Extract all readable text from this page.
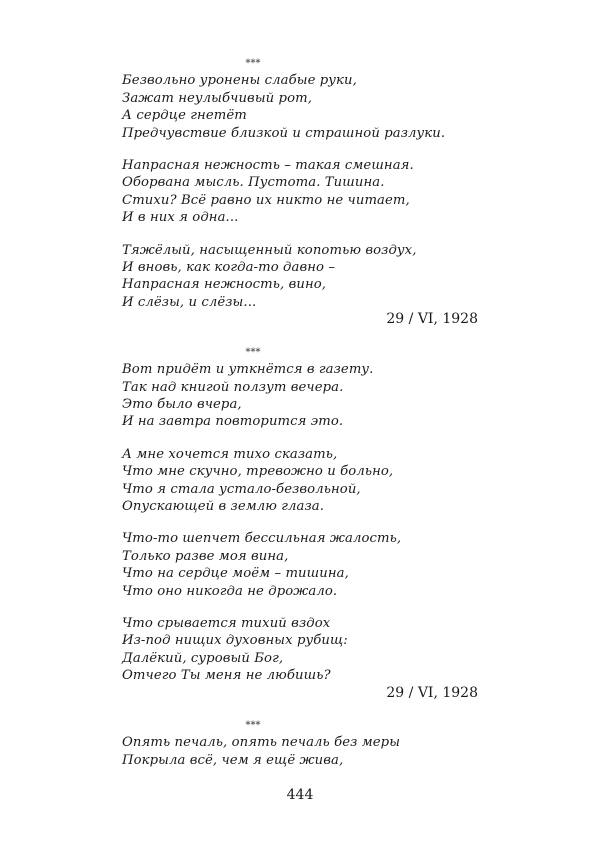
***
Безвольно уронены слабые руки,
Зажат неулыбчивый рот,
А сердце гнетёт
Предчувствие близкой и страшной разлуки.
Напрасная нежность – такая смешная.
Оборвана мысль. Пустота. Тишина.
Стихи? Всё равно их никто не читает,
И в них я одна...
Тяжёлый, насыщенный копотью воздух,
И вновь, как когда-то давно –
Напрасная нежность, вино,
И слёзы, и слёзы...
29 / VI, 1928
***
Вот придёт и уткнётся в газету.
Так над книгой ползут вечера.
Это было вчера,
И на завтра повторится это.
А мне хочется тихо сказать,
Что мне скучно, тревожно и больно,
Что я стала устало-безвольной,
Опускающей в землю глаза.
Что-то шепчет бессильная жалость,
Только разве моя вина,
Что на сердце моём – тишина,
Что оно никогда не дрожало.
Что срывается тихий вздох
Из-под нищих духовных рубищ:
Далёкий, суровый Бог,
Отчего Ты меня не любишь?
29 / VI, 1928
***
Опять печаль, опять печаль без меры
Покрыла всё, чем я ещё жива,
444
